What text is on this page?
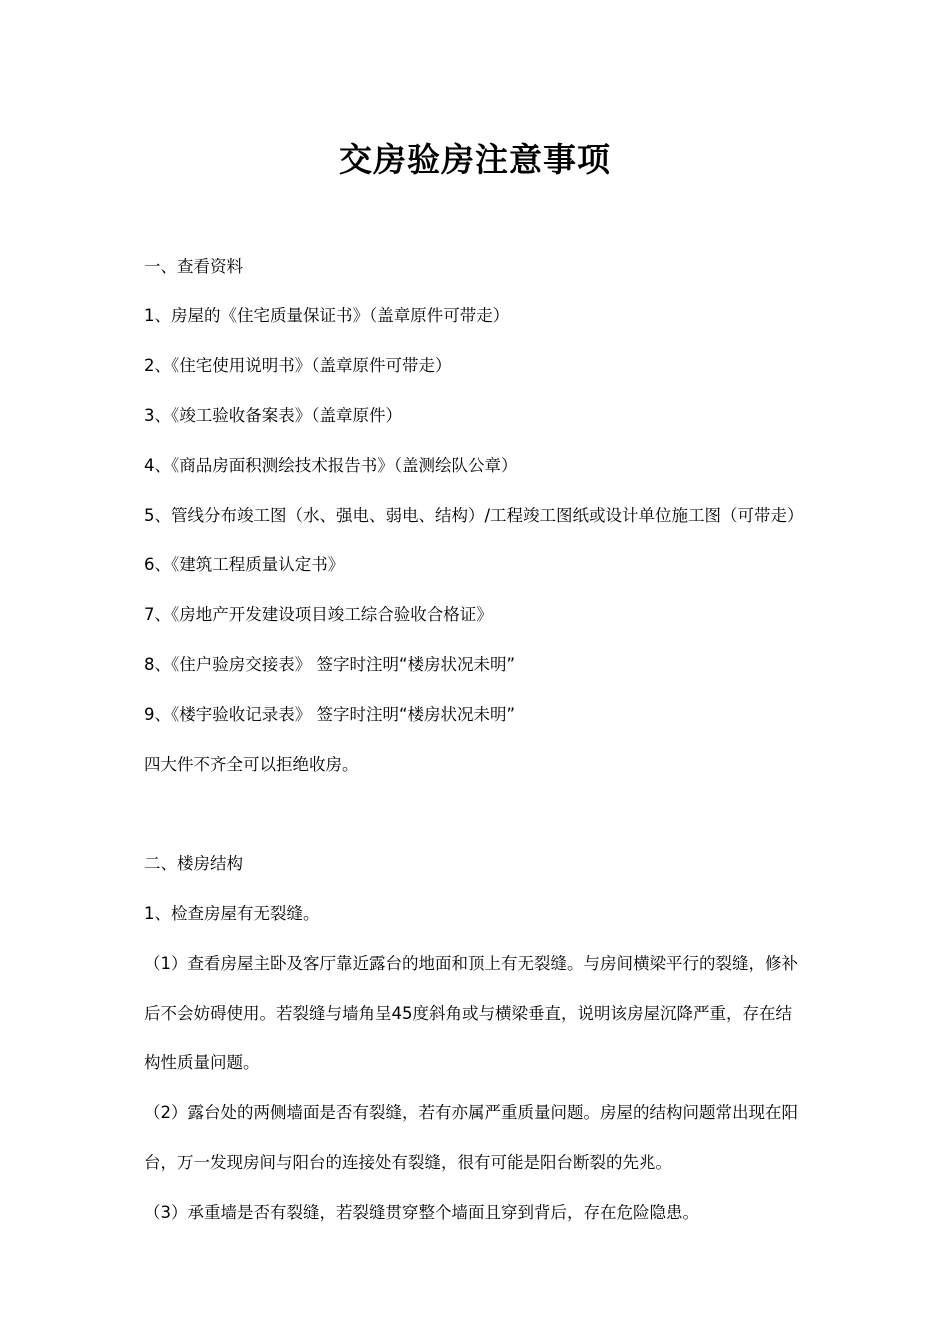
交房验房注意事项
一、查看资料
1、房屋的《住宅质量保证书》（盖章原件可带走）
2、《住宅使用说明书》（盖章原件可带走）
3、《竣工验收备案表》（盖章原件）
4、《商品房面积测绘技术报告书》（盖测绘队公章）
5、管线分布竣工图（水、强电、弱电、结构）/工程竣工图纸或设计单位施工图（可带走）
6、《建筑工程质量认定书》
7、《房地产开发建设项目竣工综合验收合格证》
8、《住户验房交接表》 签字时注明“楼房状况未明”
9、《楼宇验收记录表》 签字时注明“楼房状况未明”
四大件不齐全可以拒绝收房。
二、楼房结构
1、检查房屋有无裂缝。
（1）查看房屋主卧及客厅靠近露台的地面和顶上有无裂缝。与房间横梁平行的裂缝，修补
后不会妨碍使用。若裂缝与墙角呈45度斜角或与横梁垂直，说明该房屋沉降严重，存在结
构性质量问题。
（2）露台处的两侧墙面是否有裂缝，若有亦属严重质量问题。房屋的结构问题常出现在阳
台，万一发现房间与阳台的连接处有裂缝，很有可能是阳台断裂的先兆。
（3）承重墙是否有裂缝，若裂缝贯穿整个墙面且穿到背后，存在危险隐患。
